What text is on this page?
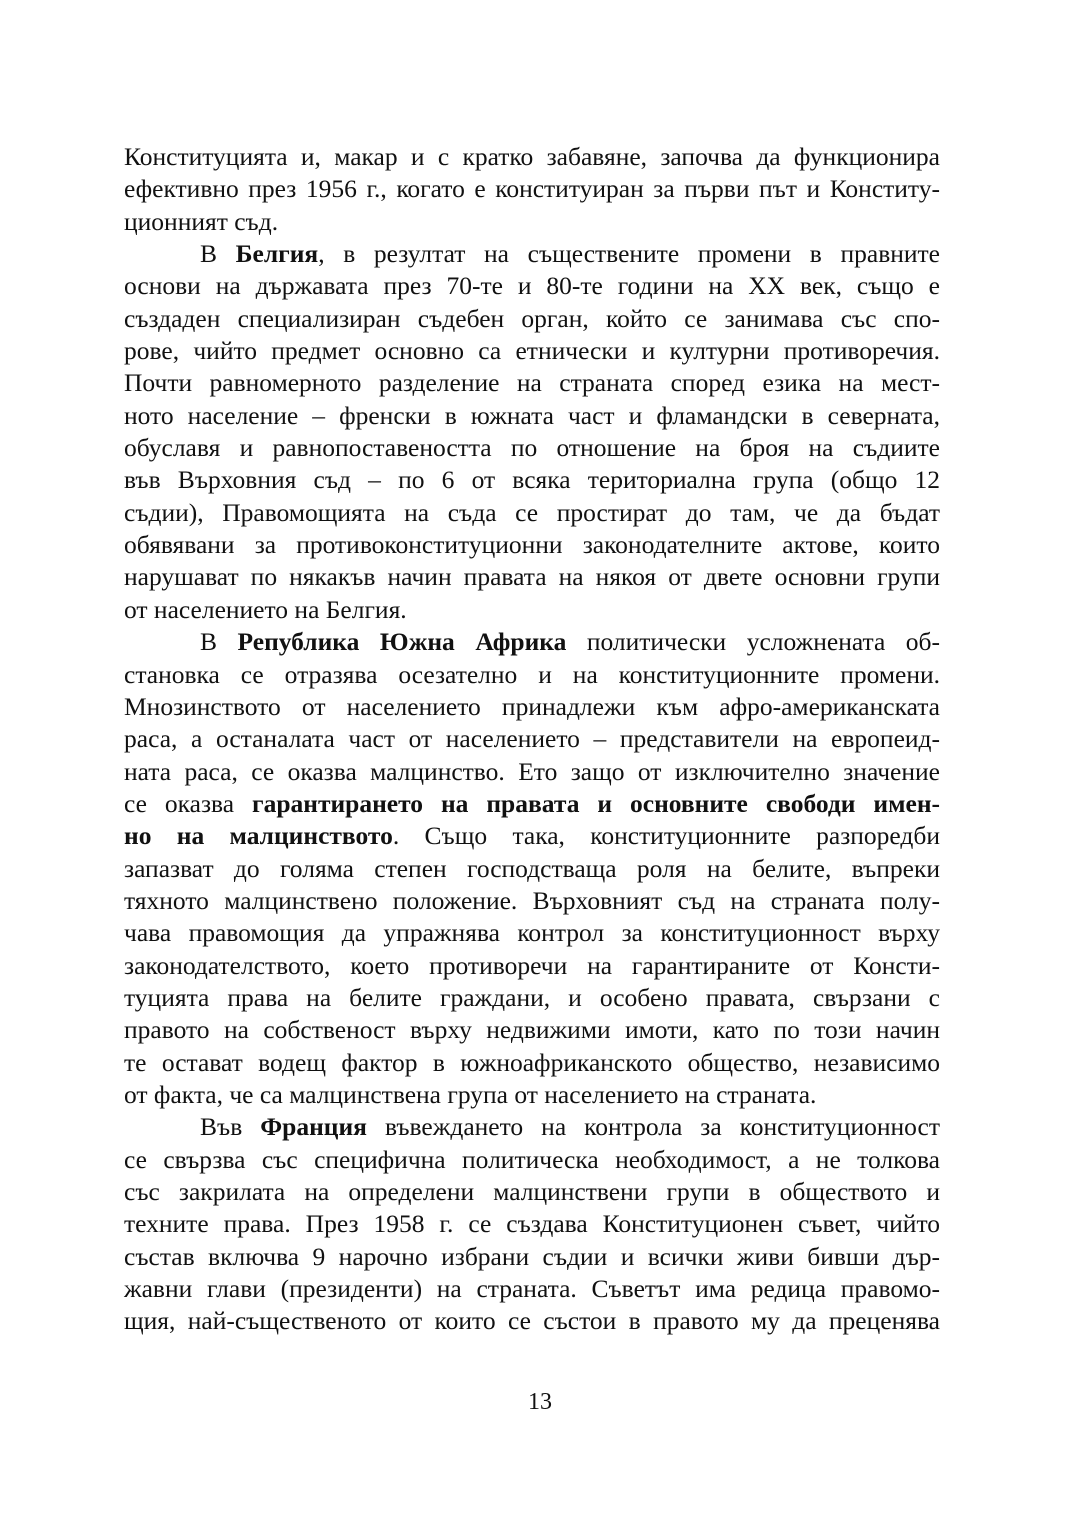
Конституцията и, макар и с кратко забавяне, започва да функционира
ефективно през 1956 г., когато е конституиран за първи път и Конститу-
ционният съд.
В Белгия, в резултат на съществените промени в правните
основи на държавата през 70-те и 80-те години на XX век, също е
създаден специализиран съдебен орган, който се занимава със спо-
рове, чийто предмет основно са етнически и културни противоречия.
Почти равномерното разделение на страната според езика на мест-
ното население – френски в южната част и фламандски в северната,
обуславя и равнопоставеността по отношение на броя на съдиите
във Върховния съд – по 6 от всяка териториална група (общо 12
съдии), Правомощията на съда се простират до там, че да бъдат
обявявани за противоконституционни законодателните актове, които
нарушават по някакъв начин правата на някоя от двете основни групи
от населението на Белгия.
В Република Южна Африка политически усложнената об-
становка се отразява осезателно и на конституционните промени.
Мнозинството от населението принадлежи към афро-американската
раса, а останалата част от населението – представители на европеид-
ната раса, се оказва малцинство. Ето защо от изключително значение
се оказва гарантирането на правата и основните свободи имен-
но на малцинството. Също така, конституционните разпоредби
запазват до голяма степен господстваща роля на белите, въпреки
тяхното малцинствено положение. Върховният съд на страната полу-
чава правомощия да упражнява контрол за конституционност върху
законодателството, което противоречи на гарантираните от Консти-
туцията права на белите граждани, и особено правата, свързани с
правото на собственост върху недвижими имоти, като по този начин
те остават водещ фактор в южноафриканското общество, независимо
от факта, че са малцинствена група от населението на страната.
Във Франция въвеждането на контрола за конституционност
се свързва със специфична политическа необходимост, а не толкова
със закрилата на определени малцинствени групи в обществото и
техните права. През 1958 г. се създава Конституционен съвет, чийто
състав включва 9 нарочно избрани съдии и всички живи бивши дър-
жавни глави (президенти) на страната. Съветът има редица правомо-
щия, най-същественото от които се състои в правото му да преценява
13
